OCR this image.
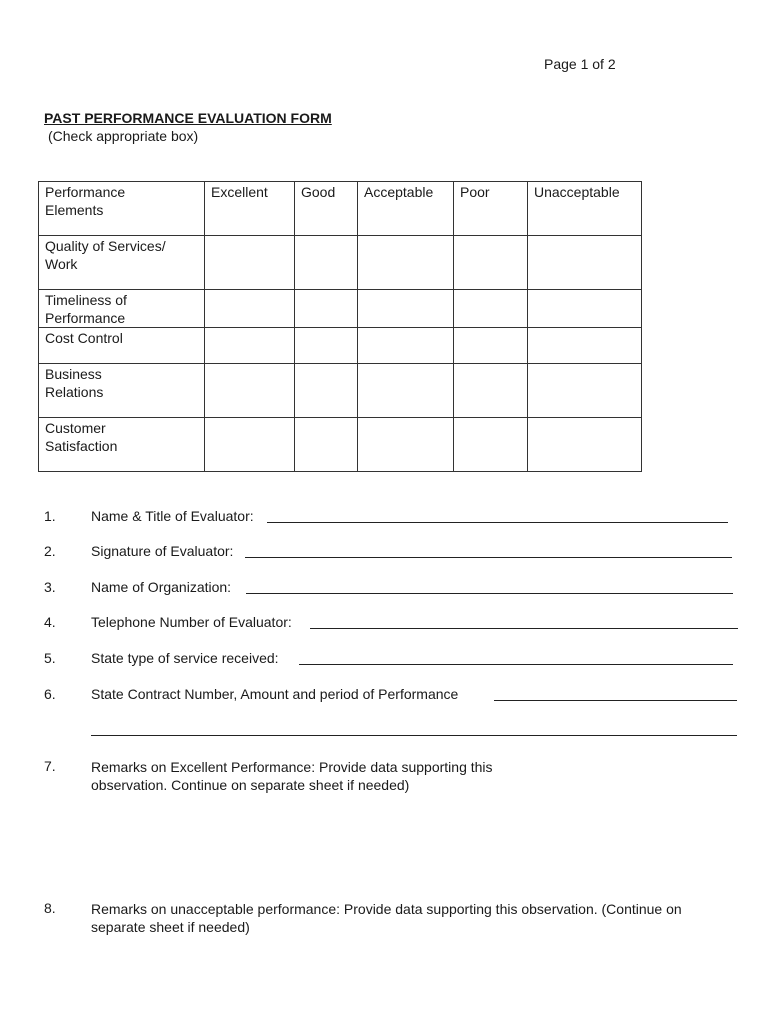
Page 1 of 2
PAST PERFORMANCE EVALUATION FORM
(Check appropriate box)
Performance Elements	Excellent	Good	Acceptable	Poor	Unacceptable

Quality of Services/ Work					

Timeliness of Performance					

Cost Control					

Business Relations					

Customer Satisfaction					

1.	Name & Title of Evaluator:
2.	Signature of Evaluator:
3.	Name of Organization:
4.	Telephone Number of Evaluator:
5.	State type of service received:
6.	State Contract Number, Amount and period of Performance
7.	Remarks on Excellent Performance: Provide data supporting this observation. Continue on separate sheet if needed)
8.	Remarks on unacceptable performance: Provide data supporting this observation. (Continue on separate sheet if needed)
